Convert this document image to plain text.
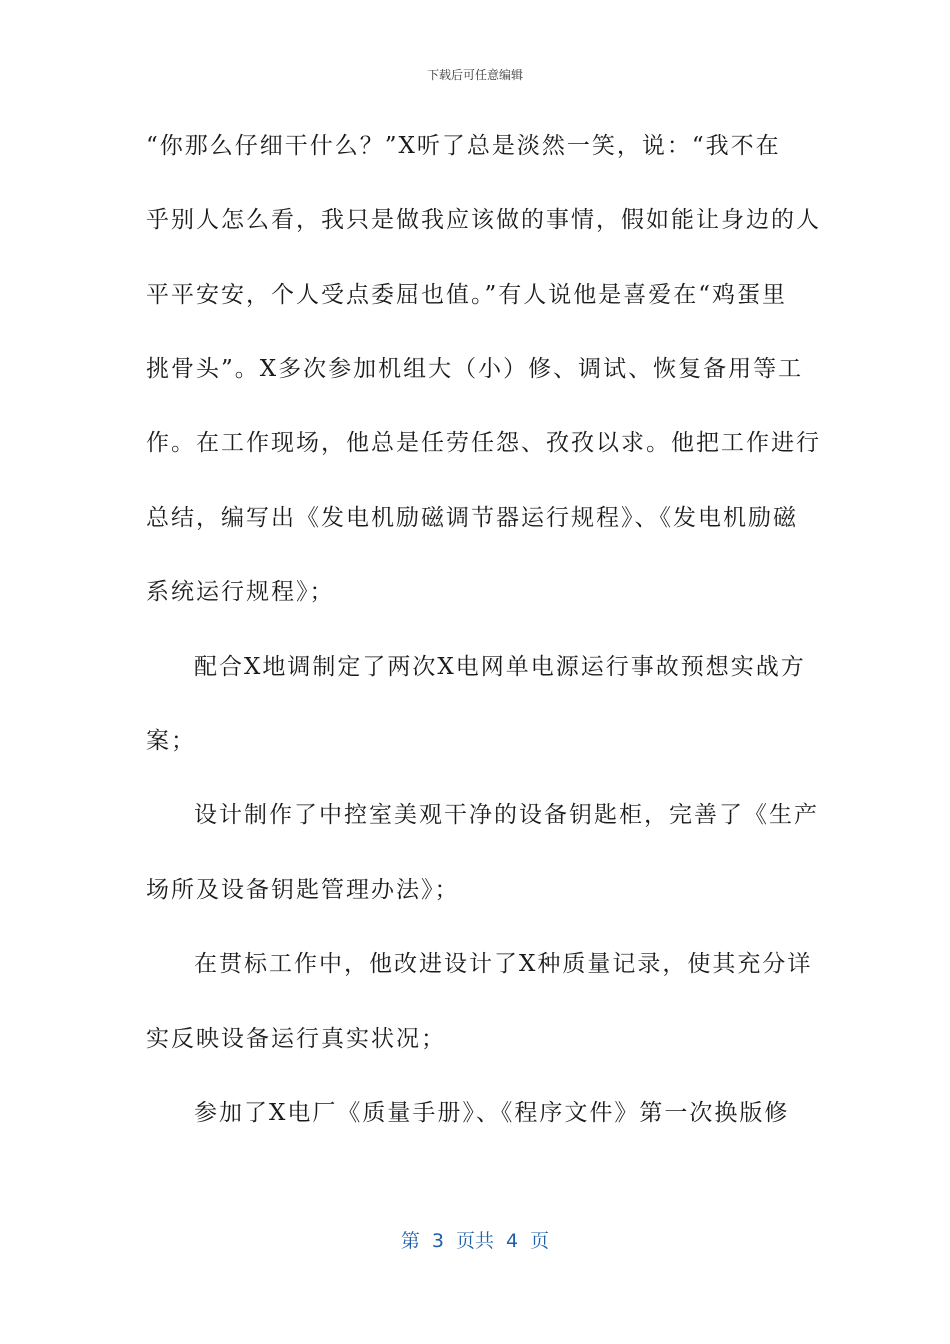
下载后可任意编辑
“你那么仔细干什么？”X听了总是淡然一笑，说：“我不在
乎别人怎么看，我只是做我应该做的事情，假如能让身边的人
平平安安，个人受点委屈也值。”有人说他是喜爱在“鸡蛋里
挑骨头”。X多次参加机组大（小）修、调试、恢复备用等工
作。在工作现场，他总是任劳任怨、孜孜以求。他把工作进行
总结，编写出《发电机励磁调节器运行规程》、《发电机励磁
系统运行规程》；
配合X地调制定了两次X电网单电源运行事故预想实战方
案；
设计制作了中控室美观干净的设备钥匙柜，完善了《生产
场所及设备钥匙管理办法》；
在贯标工作中，他改进设计了X种质量记录，使其充分详
实反映设备运行真实状况；
参加了X电厂《质量手册》、《程序文件》第一次换版修
第 3 页共 4 页
